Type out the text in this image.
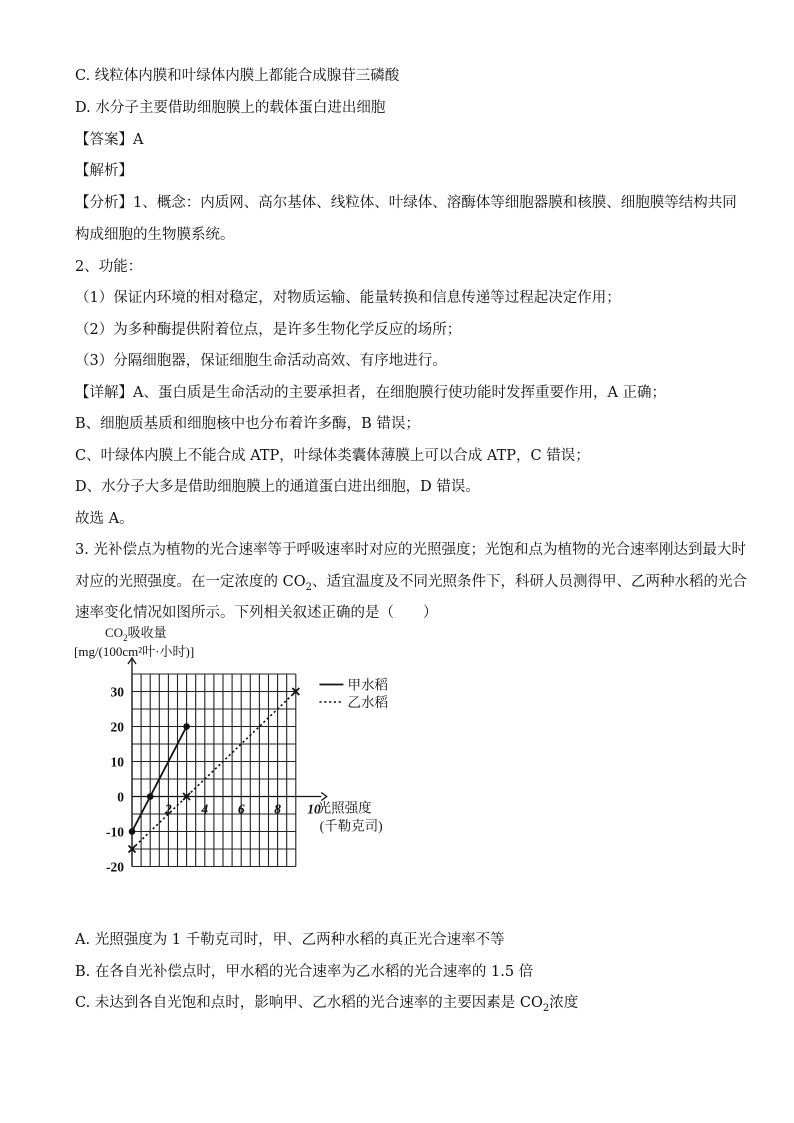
C. 线粒体内膜和叶绿体内膜上都能合成腺苷三磷酸
D. 水分子主要借助细胞膜上的载体蛋白进出细胞
【答案】A
【解析】
【分析】1、概念：内质网、高尔基体、线粒体、叶绿体、溶酶体等细胞器膜和核膜、细胞膜等结构共同
构成细胞的生物膜系统。
2、功能：
（1）保证内环境的相对稳定，对物质运输、能量转换和信息传递等过程起决定作用；
（2）为多种酶提供附着位点，是许多生物化学反应的场所；
（3）分隔细胞器，保证细胞生命活动高效、有序地进行。
【详解】A、蛋白质是生命活动的主要承担者，在细胞膜行使功能时发挥重要作用，A 正确；
B、细胞质基质和细胞核中也分布着许多酶，B 错误；
C、叶绿体内膜上不能合成 ATP，叶绿体类囊体薄膜上可以合成 ATP，C 错误；
D、水分子大多是借助细胞膜上的通道蛋白进出细胞，D 错误。
故选 A。
3. 光补偿点为植物的光合速率等于呼吸速率时对应的光照强度；光饱和点为植物的光合速率刚达到最大时
对应的光照强度。在一定浓度的 $CO_2$、适宜温度及不同光照条件下，科研人员测得甲、乙两种水稻的光合
速率变化情况如图所示。下列相关叙述正确的是（　　）
30
20
10
0
-10
-20
2 4 6 8 10
$CO_2$吸收量
[mg/(100cm²叶·小时)]
光照强度
(千勒克司)
甲水稻
乙水稻
A. 光照强度为 1 千勒克司时，甲、乙两种水稻的真正光合速率不等
B. 在各自光补偿点时，甲水稻的光合速率为乙水稻的光合速率的 1.5 倍
C. 未达到各自光饱和点时，影响甲、乙水稻的光合速率的主要因素是 $CO_2$浓度
